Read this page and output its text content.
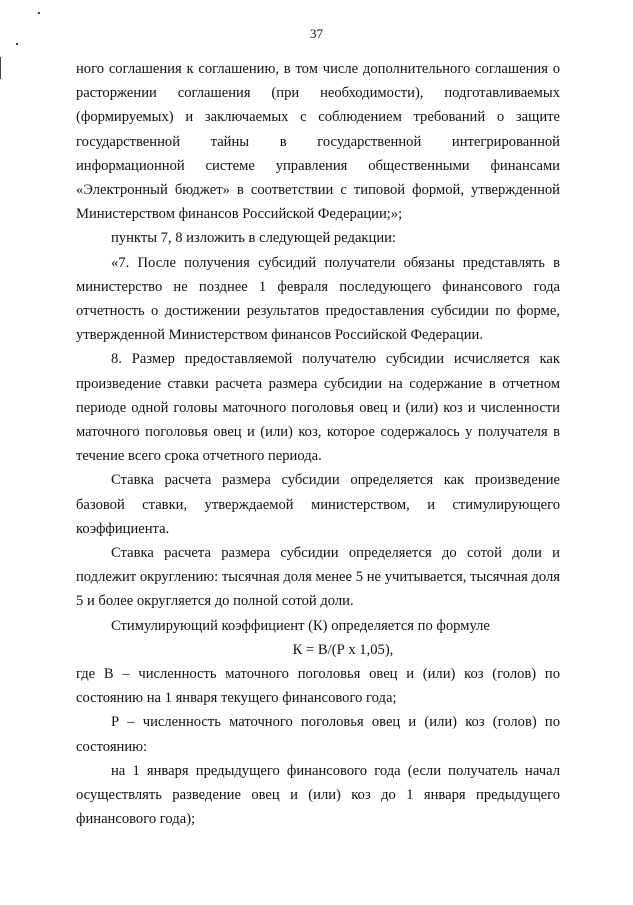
37

ного соглашения к соглашению, в том числе дополнительного соглашения о расторжении соглашения (при необходимости), подготавливаемых (формируемых) и заключаемых с соблюдением требований о защите государственной тайны в государственной интегрированной информационной системе управления общественными финансами «Электронный бюджет» в соответствии с типовой формой, утвержденной Министерством финансов Российской Федерации;»;

пункты 7, 8 изложить в следующей редакции:

«7. После получения субсидий получатели обязаны представлять в министерство не позднее 1 февраля последующего финансового года отчетность о достижении результатов предоставления субсидии по форме, утвержденной Министерством финансов Российской Федерации.

8. Размер предоставляемой получателю субсидии исчисляется как произведение ставки расчета размера субсидии на содержание в отчетном периоде одной головы маточного поголовья овец и (или) коз и численности маточного поголовья овец и (или) коз, которое содержалось у получателя в течение всего срока отчетного периода.

Ставка расчета размера субсидии определяется как произведение базовой ставки, утверждаемой министерством, и стимулирующего коэффициента.

Ставка расчета размера субсидии определяется до сотой доли и подлежит округлению: тысячная доля менее 5 не учитывается, тысячная доля 5 и более округляется до полной сотой доли.

Стимулирующий коэффициент (К) определяется по формуле

К = В/(Р х 1,05),

где В – численность маточного поголовья овец и (или) коз (голов) по состоянию на 1 января текущего финансового года;

Р – численность маточного поголовья овец и (или) коз (голов) по состоянию:

на 1 января предыдущего финансового года (если получатель начал осуществлять разведение овец и (или) коз до 1 января предыдущего финансового года);
